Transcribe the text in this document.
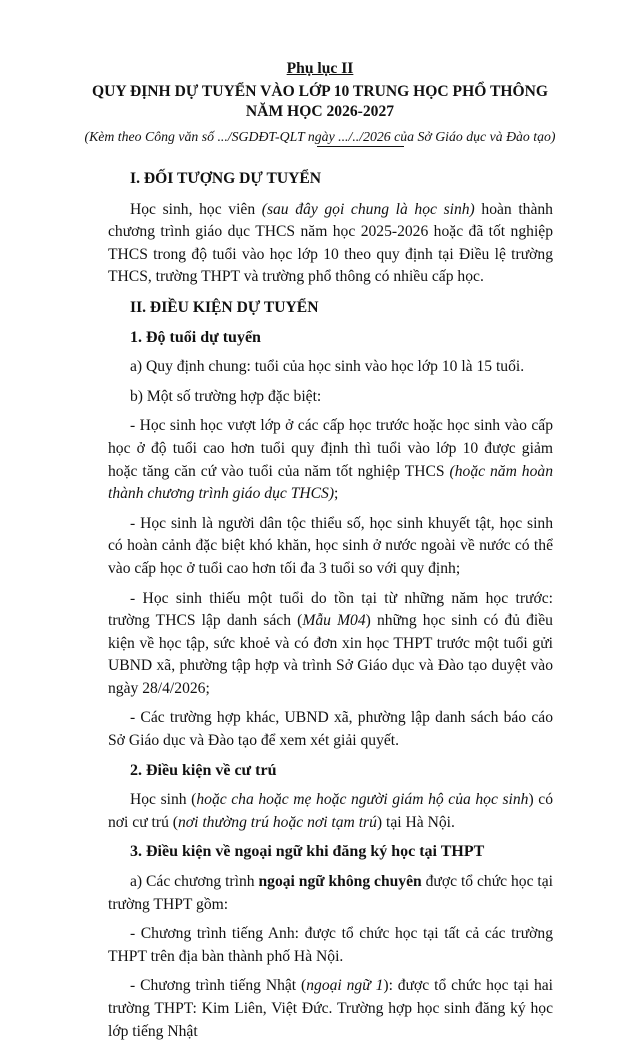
Phụ lục II
QUY ĐỊNH DỰ TUYỂN VÀO LỚP 10 TRUNG HỌC PHỔ THÔNG
NĂM HỌC 2026-2027
(Kèm theo Công văn số .../SGDĐT-QLT ngày .../../2026 của Sở Giáo dục và Đào tạo)

I. ĐỐI TƯỢNG DỰ TUYỂN

Học sinh, học viên (sau đây gọi chung là học sinh) hoàn thành chương trình giáo dục THCS năm học 2025-2026 hoặc đã tốt nghiệp THCS trong độ tuổi vào học lớp 10 theo quy định tại Điều lệ trường THCS, trường THPT và trường phổ thông có nhiều cấp học.

II. ĐIỀU KIỆN DỰ TUYỂN

1. Độ tuổi dự tuyển

a) Quy định chung: tuổi của học sinh vào học lớp 10 là 15 tuổi.

b) Một số trường hợp đặc biệt:

- Học sinh học vượt lớp ở các cấp học trước hoặc học sinh vào cấp học ở độ tuổi cao hơn tuổi quy định thì tuổi vào lớp 10 được giảm hoặc tăng căn cứ vào tuổi của năm tốt nghiệp THCS (hoặc năm hoàn thành chương trình giáo dục THCS);

- Học sinh là người dân tộc thiểu số, học sinh khuyết tật, học sinh có hoàn cảnh đặc biệt khó khăn, học sinh ở nước ngoài về nước có thể vào cấp học ở tuổi cao hơn tối đa 3 tuổi so với quy định;

- Học sinh thiếu một tuổi do tồn tại từ những năm học trước: trường THCS lập danh sách (Mẫu M04) những học sinh có đủ điều kiện về học tập, sức khoẻ và có đơn xin học THPT trước một tuổi gửi UBND xã, phường tập hợp và trình Sở Giáo dục và Đào tạo duyệt vào ngày 28/4/2026;

- Các trường hợp khác, UBND xã, phường lập danh sách báo cáo Sở Giáo dục và Đào tạo để xem xét giải quyết.

2. Điều kiện về cư trú

Học sinh (hoặc cha hoặc mẹ hoặc người giám hộ của học sinh) có nơi cư trú (nơi thường trú hoặc nơi tạm trú) tại Hà Nội.

3. Điều kiện về ngoại ngữ khi đăng ký học tại THPT

a) Các chương trình ngoại ngữ không chuyên được tổ chức học tại trường THPT gồm:

- Chương trình tiếng Anh: được tổ chức học tại tất cả các trường THPT trên địa bàn thành phố Hà Nội.

- Chương trình tiếng Nhật (ngoại ngữ 1): được tổ chức học tại hai trường THPT: Kim Liên, Việt Đức. Trường hợp học sinh đăng ký học lớp tiếng Nhật
